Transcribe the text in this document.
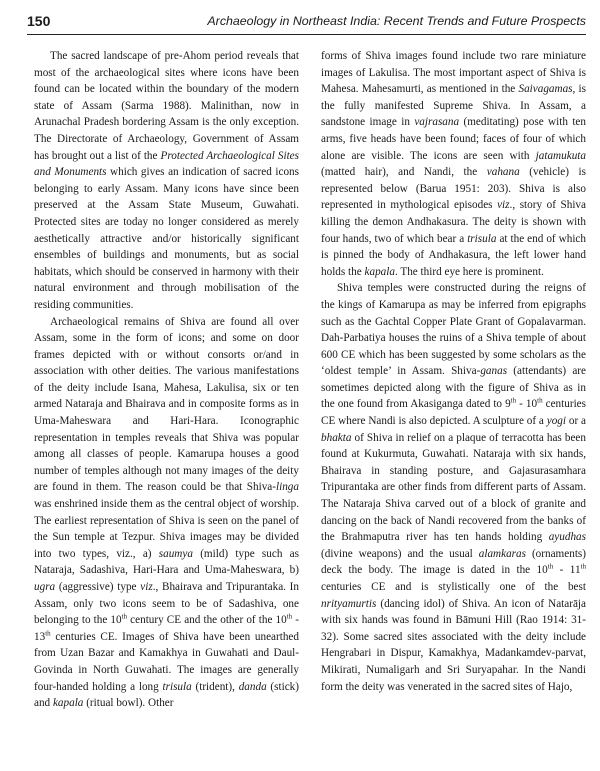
150	Archaeology in Northeast India: Recent Trends and Future Prospects

The sacred landscape of pre-Ahom period reveals that most of the archaeological sites where icons have been found can be located within the boundary of the modern state of Assam (Sarma 1988). Malinithan, now in Arunachal Pradesh bordering Assam is the only exception. The Directorate of Archaeology, Government of Assam has brought out a list of the Protected Archaeological Sites and Monuments which gives an indication of sacred icons belonging to early Assam. Many icons have since been preserved at the Assam State Museum, Guwahati. Protected sites are today no longer considered as merely aesthetically attractive and/or historically significant ensembles of buildings and monuments, but as social habitats, which should be conserved in harmony with their natural environment and through mobilisation of the residing communities.

Archaeological remains of Shiva are found all over Assam, some in the form of icons; and some on door frames depicted with or without consorts or/and in association with other deities. The various manifestations of the deity include Isana, Mahesa, Lakulisa, six or ten armed Nataraja and Bhairava and in composite forms as in Uma-Maheswara and Hari-Hara. Iconographic representation in temples reveals that Shiva was popular among all classes of people. Kamarupa houses a good number of temples although not many images of the deity are found in them. The reason could be that Shiva-linga was enshrined inside them as the central object of worship. The earliest representation of Shiva is seen on the panel of the Sun temple at Tezpur. Shiva images may be divided into two types, viz., a) saumya (mild) type such as Nataraja, Sadashiva, Hari-Hara and Uma-Maheswara, b) ugra (aggressive) type viz., Bhairava and Tripurantaka. In Assam, only two icons seem to be of Sadashiva, one belonging to the 10th century CE and the other of the 10th - 13th centuries CE. Images of Shiva have been unearthed from Uzan Bazar and Kamakhya in Guwahati and Daul-Govinda in North Guwahati. The images are generally four-handed holding a long trisula (trident), danda (stick) and kapala (ritual bowl). Other

forms of Shiva images found include two rare miniature images of Lakulisa. The most important aspect of Shiva is Mahesa. Mahesamurti, as mentioned in the Saivagamas, is the fully manifested Supreme Shiva. In Assam, a sandstone image in vajrasana (meditating) pose with ten arms, five heads have been found; faces of four of which alone are visible. The icons are seen with jatamukuta (matted hair), and Nandi, the vahana (vehicle) is represented below (Barua 1951: 203). Shiva is also represented in mythological episodes viz., story of Shiva killing the demon Andhakasura. The deity is shown with four hands, two of which bear a trisula at the end of which is pinned the body of Andhakasura, the left lower hand holds the kapala. The third eye here is prominent.

Shiva temples were constructed during the reigns of the kings of Kamarupa as may be inferred from epigraphs such as the Gachtal Copper Plate Grant of Gopalavarman. Dah-Parbatiya houses the ruins of a Shiva temple of about 600 CE which has been suggested by some scholars as the ‘oldest temple’ in Assam. Shiva-ganas (attendants) are sometimes depicted along with the figure of Shiva as in the one found from Akasiganga dated to 9th - 10th centuries CE where Nandi is also depicted. A sculpture of a yogi or a bhakta of Shiva in relief on a plaque of terracotta has been found at Kukurmuta, Guwahati. Nataraja with six hands, Bhairava in standing posture, and Gajasurasamhara Tripurantaka are other finds from different parts of Assam. The Nataraja Shiva carved out of a block of granite and dancing on the back of Nandi recovered from the banks of the Brahmaputra river has ten hands holding ayudhas (divine weapons) and the usual alamkaras (ornaments) deck the body. The image is dated in the 10th - 11th centuries CE and is stylistically one of the best nrityamurtis (dancing idol) of Shiva. An icon of Natarāja with six hands was found in Bāmuni Hill (Rao 1914: 31-32). Some sacred sites associated with the deity include Hengrabari in Dispur, Kamakhya, Madankamdev-parvat, Mikirati, Numaligarh and Sri Suryapahar. In the Nandi form the deity was venerated in the sacred sites of Hajo,
